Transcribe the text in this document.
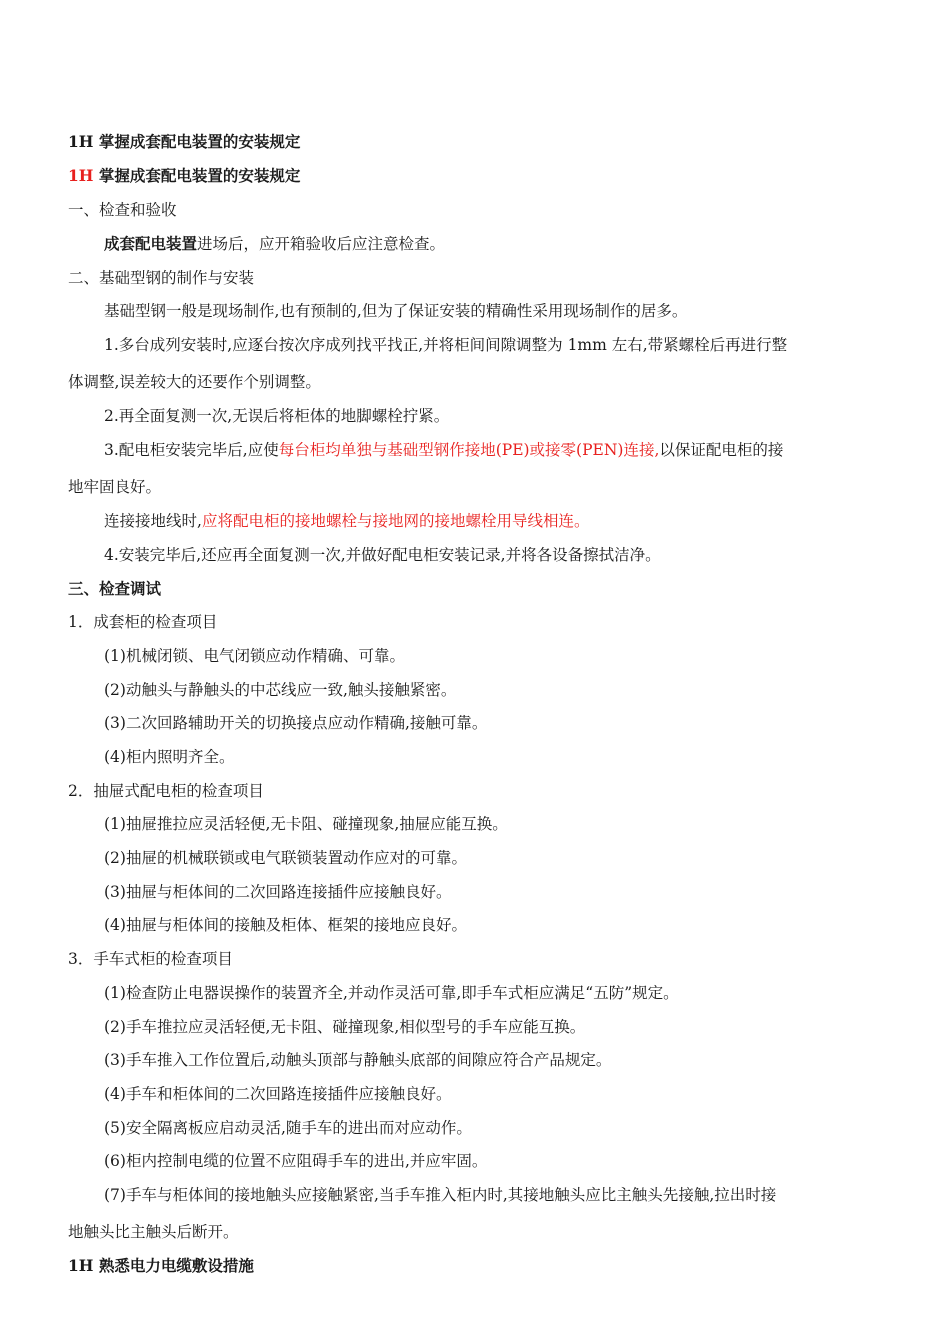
1H 掌握成套配电装置的安装规定
1H 掌握成套配电装置的安装规定
一、检查和验收
成套配电装置进场后，应开箱验收后应注意检查。
二、基础型钢的制作与安装
基础型钢一般是现场制作,也有预制的,但为了保证安装的精确性采用现场制作的居多。
1.多台成列安装时,应逐台按次序成列找平找正,并将柜间间隙调整为 1mm 左右,带紧螺栓后再进行整
体调整,误差较大的还要作个别调整。
2.再全面复测一次,无误后将柜体的地脚螺栓拧紧。
3.配电柜安装完毕后,应使每台柜均单独与基础型钢作接地(PE)或接零(PEN)连接,以保证配电柜的接
地牢固良好。
连接接地线时,应将配电柜的接地螺栓与接地网的接地螺栓用导线相连。
4.安装完毕后,还应再全面复测一次,并做好配电柜安装记录,并将各设备擦拭洁净。
三、检查调试
1．成套柜的检查项目
(1)机械闭锁、电气闭锁应动作精确、可靠。
(2)动触头与静触头的中芯线应一致,触头接触紧密。
(3)二次回路辅助开关的切换接点应动作精确,接触可靠。
(4)柜内照明齐全。
2．抽屉式配电柜的检查项目
(1)抽屉推拉应灵活轻便,无卡阻、碰撞现象,抽屉应能互换。
(2)抽屉的机械联锁或电气联锁装置动作应对的可靠。
(3)抽屉与柜体间的二次回路连接插件应接触良好。
(4)抽屉与柜体间的接触及柜体、框架的接地应良好。
3．手车式柜的检查项目
(1)检查防止电器误操作的装置齐全,并动作灵活可靠,即手车式柜应满足“五防”规定。
(2)手车推拉应灵活轻便,无卡阻、碰撞现象,相似型号的手车应能互换。
(3)手车推入工作位置后,动触头顶部与静触头底部的间隙应符合产品规定。
(4)手车和柜体间的二次回路连接插件应接触良好。
(5)安全隔离板应启动灵活,随手车的进出而对应动作。
(6)柜内控制电缆的位置不应阻碍手车的进出,并应牢固。
(7)手车与柜体间的接地触头应接触紧密,当手车推入柜内时,其接地触头应比主触头先接触,拉出时接
地触头比主触头后断开。
1H 熟悉电力电缆敷设措施
